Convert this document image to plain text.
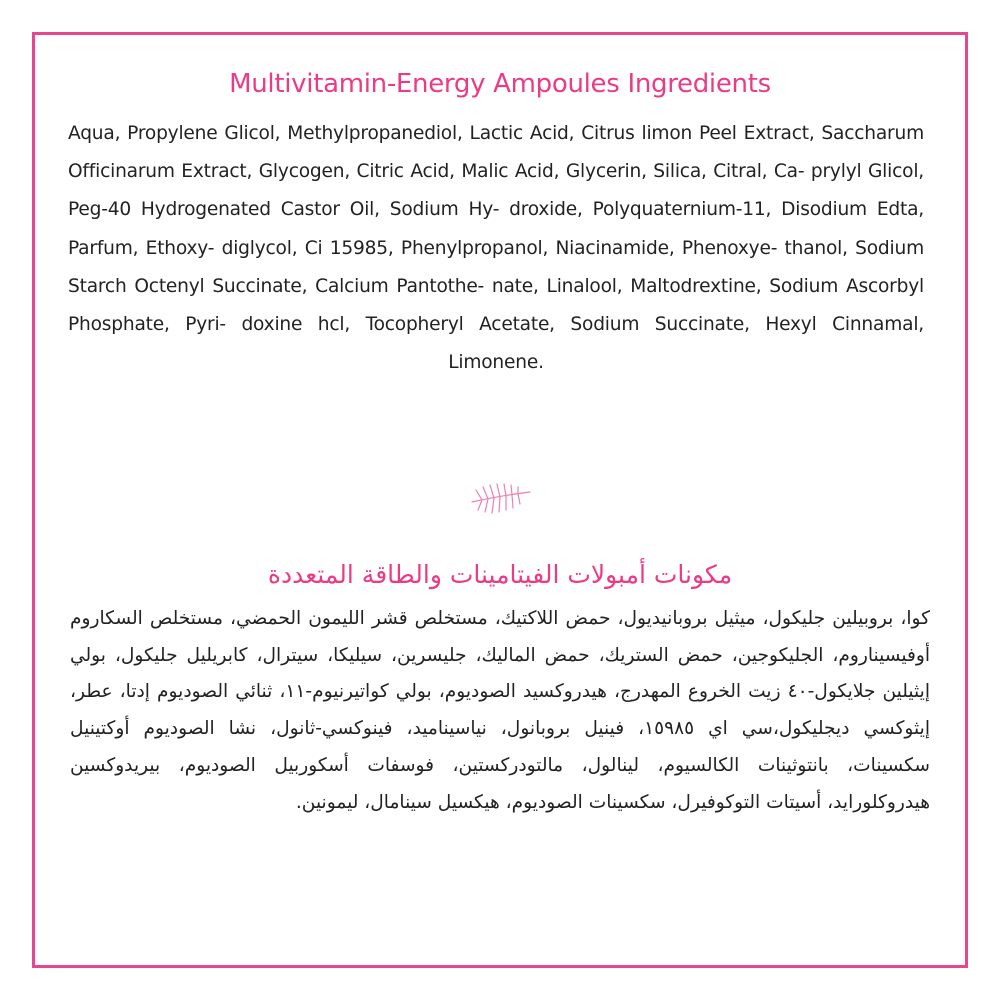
Multivitamin-Energy Ampoules Ingredients

Aqua, Propylene Glicol, Methylpropanediol, Lactic Acid, Citrus limon Peel Extract, Saccharum Officinarum Extract, Glycogen, Citric Acid, Malic Acid, Glycerin, Silica, Citral, Ca- prylyl Glicol, Peg-40 Hydrogenated Castor Oil, Sodium Hy- droxide, Polyquaternium-11, Disodium Edta, Parfum, Ethoxy- diglycol, Ci 15985, Phenylpropanol, Niacinamide, Phenoxye- thanol, Sodium Starch Octenyl Succinate, Calcium Pantothe- nate, Linalool, Maltodrextine, Sodium Ascorbyl Phosphate, Pyri- doxine hcl, Tocopheryl Acetate, Sodium Succinate, Hexyl Cinnamal, Limonene.

مكونات أمبولات الفيتامينات والطاقة المتعددة

كوا، بروبيلين جليكول، ميثيل بروبانيديول، حمض اللاكتيك، مستخلص قشر الليمون الحمضي، مستخلص السكاروم أوفيسيناروم، الجليكوجين، حمض الستريك، حمض الماليك، جليسرين، سيليكا، سيترال، كابريليل جليكول، بولي إيثيلين جلايكول-٤٠ زيت الخروع المهدرج، هيدروكسيد الصوديوم، بولي كواتيرنيوم-١١، ثنائي الصوديوم إدتا، عطر، إيثوكسي ديجليكول،سي اي ١٥٩٨٥، فينيل بروبانول، نياسيناميد، فينوكسي-ثانول، نشا الصوديوم أوكتينيل سكسينات، بانتوثينات الكالسيوم، لينالول، مالتودركستين، فوسفات أسكوربيل الصوديوم، بيريدوكسين هيدروكلورايد، أسيتات التوكوفيرل، سكسينات الصوديوم، هيكسيل سينامال، ليمونين.
